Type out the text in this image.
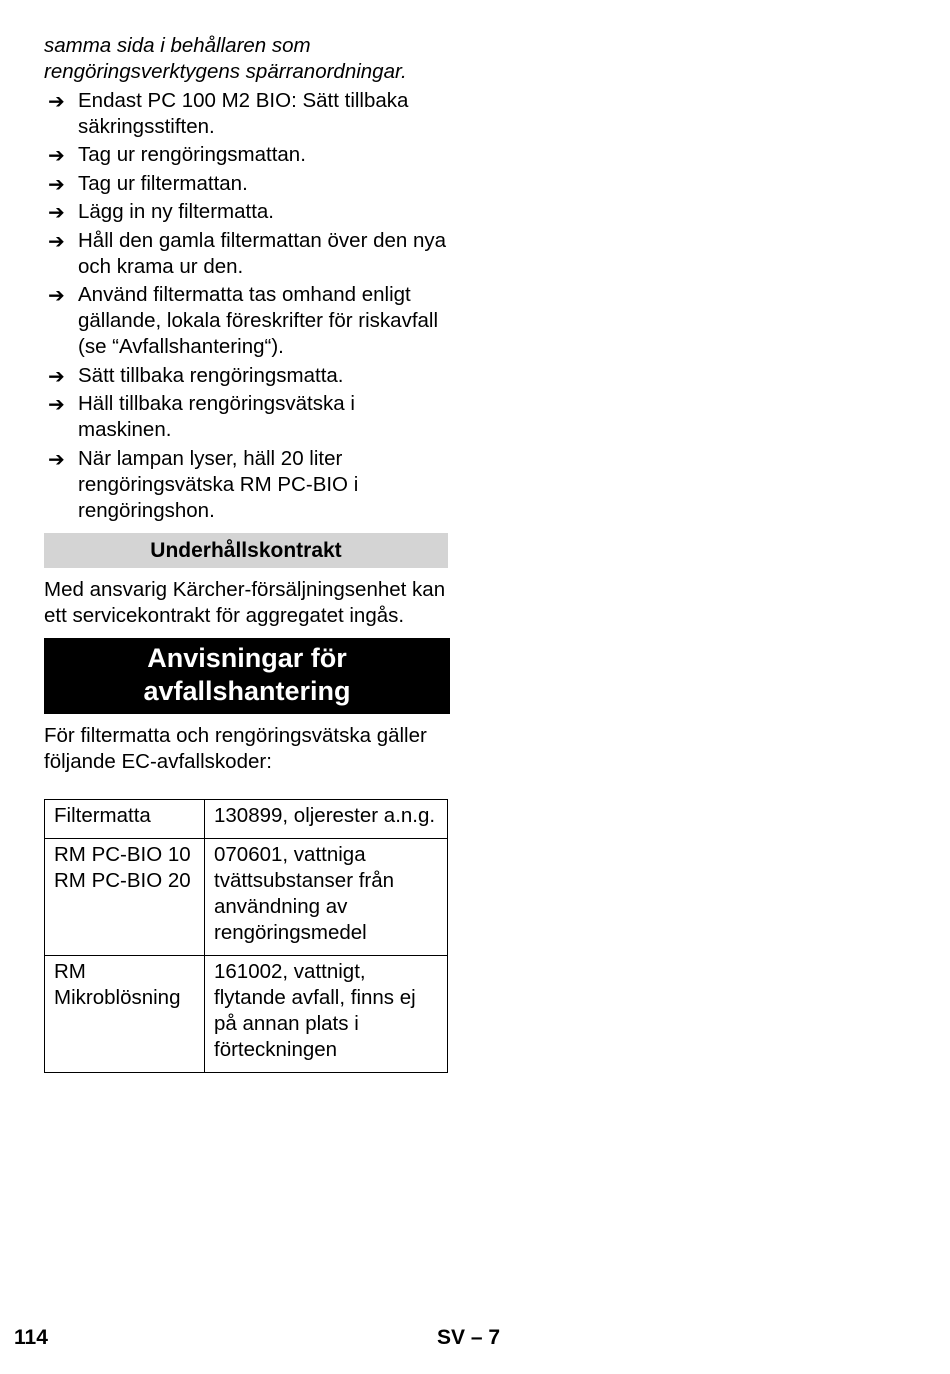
samma sida i behållaren som rengöringsverktygens spärranordningar.

➔ Endast PC 100 M2 BIO: Sätt tillbaka säkringsstiften.
➔ Tag ur rengöringsmattan.
➔ Tag ur filtermattan.
➔ Lägg in ny filtermatta.
➔ Håll den gamla filtermattan över den nya och krama ur den.
➔ Använd filtermatta tas omhand enligt gällande, lokala föreskrifter för riskavfall (se “Avfallshantering“).
➔ Sätt tillbaka rengöringsmatta.
➔ Häll tillbaka rengöringsvätska i maskinen.
➔ När lampan lyser, häll 20 liter rengöringsvätska RM PC-BIO i rengöringshon.
Underhållskontrakt

Med ansvarig Kärcher-försäljningsenhet kan ett servicekontrakt för aggregatet ingås.

Anvisningar för avfallshantering

För filtermatta och rengöringsvätska gäller följande EC-avfallskoder:

Filtermatta	130899, oljerester a.n.g.
RM PC-BIO 10 RM PC-BIO 20	070601, vattniga tvättsubstanser från användning av rengöringsmedel
RM Mikroblösning	161002, vattnigt, flytande avfall, finns ej på annan plats i förteckningen
114	SV – 7
